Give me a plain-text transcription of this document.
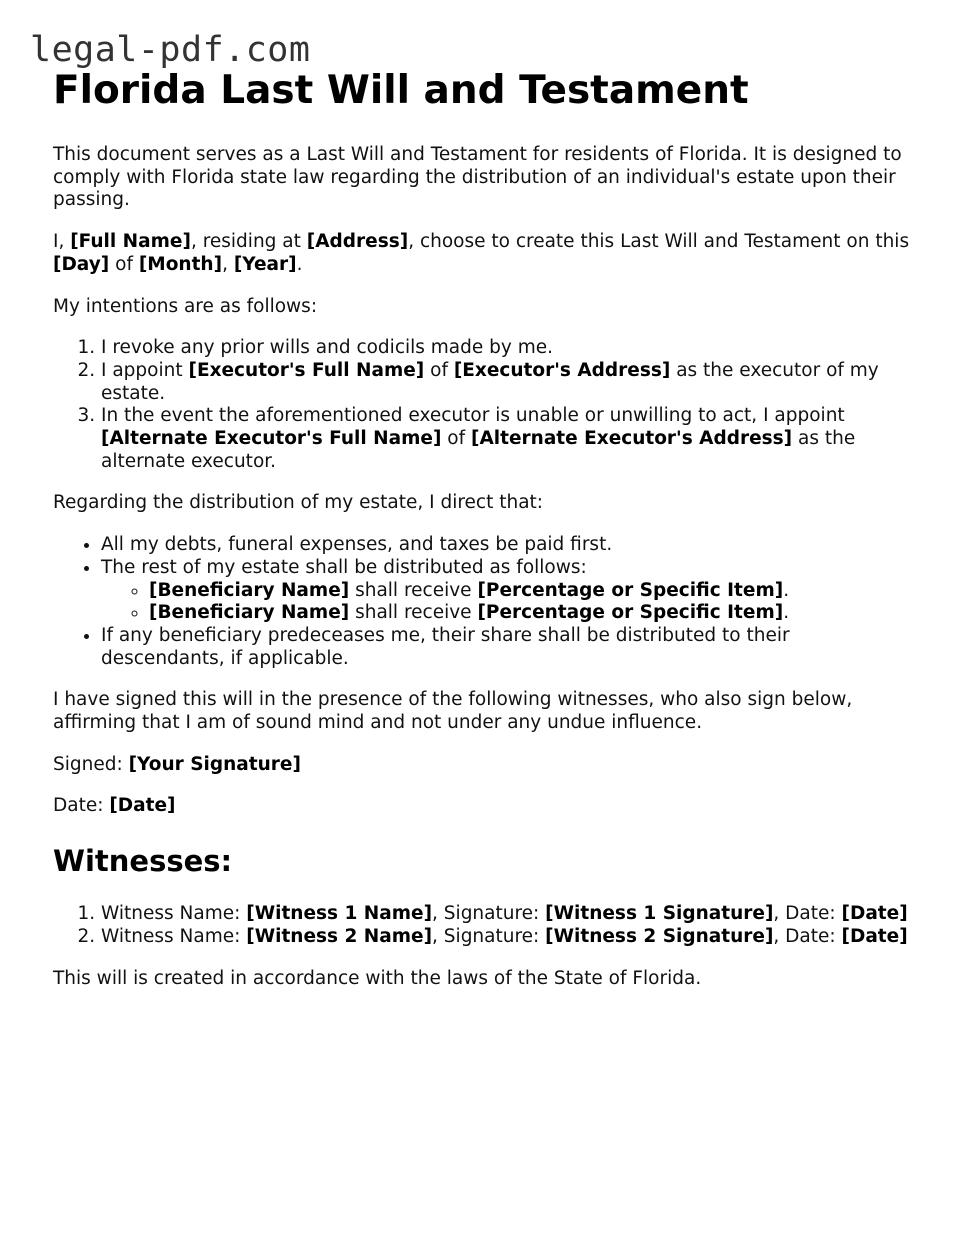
legal-pdf.com
Florida Last Will and Testament

This document serves as a Last Will and Testament for residents of Florida. It is designed to comply with Florida state law regarding the distribution of an individual's estate upon their passing.

I, [Full Name], residing at [Address], choose to create this Last Will and Testament on this [Day] of [Month], [Year].

My intentions are as follows:

1. I revoke any prior wills and codicils made by me.
2. I appoint [Executor's Full Name] of [Executor's Address] as the executor of my estate.
3. In the event the aforementioned executor is unable or unwilling to act, I appoint [Alternate Executor's Full Name] of [Alternate Executor's Address] as the alternate executor.

Regarding the distribution of my estate, I direct that:

• All my debts, funeral expenses, and taxes be paid first.
• The rest of my estate shall be distributed as follows:
◦ [Beneficiary Name] shall receive [Percentage or Specific Item].
◦ [Beneficiary Name] shall receive [Percentage or Specific Item].
• If any beneficiary predeceases me, their share shall be distributed to their descendants, if applicable.

I have signed this will in the presence of the following witnesses, who also sign below, affirming that I am of sound mind and not under any undue influence.

Signed: [Your Signature]

Date: [Date]

Witnesses:
1. Witness Name: [Witness 1 Name], Signature: [Witness 1 Signature], Date: [Date]
2. Witness Name: [Witness 2 Name], Signature: [Witness 2 Signature], Date: [Date]

This will is created in accordance with the laws of the State of Florida.
